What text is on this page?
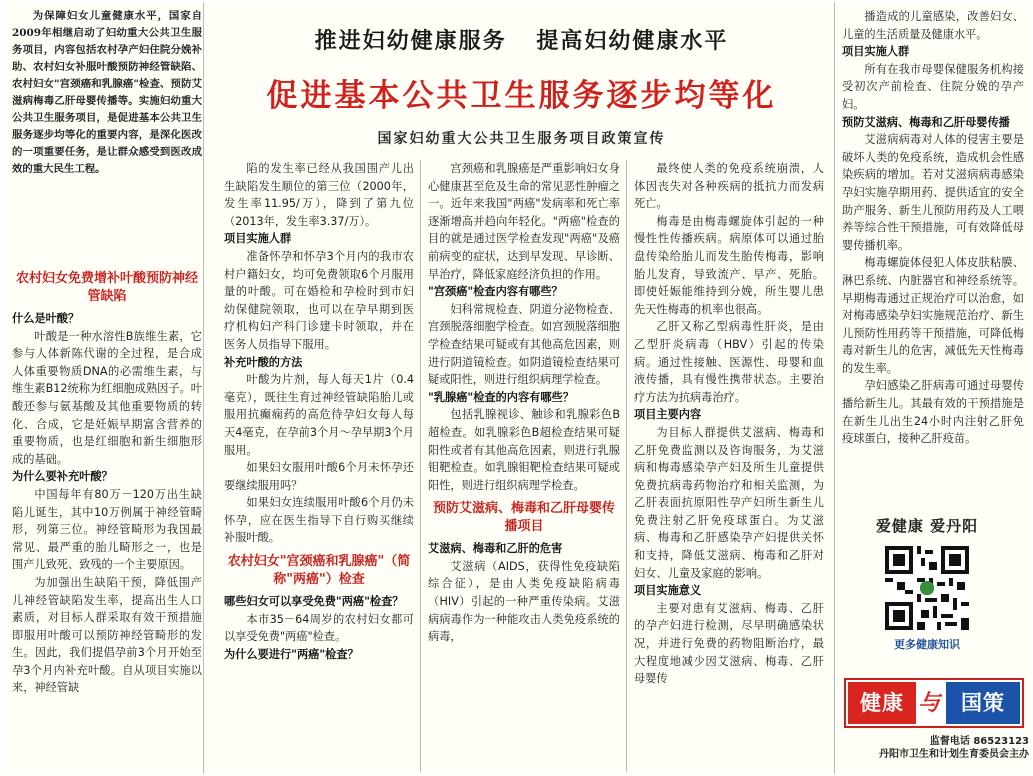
为保障妇女儿童健康水平，国家自2009年相继启动了妇幼重大公共卫生服务项目，内容包括农村孕产妇住院分娩补助、农村妇女补服叶酸预防神经管缺陷、农村妇女"宫颈癌和乳腺癌"检查、预防艾滋病梅毒乙肝母婴传播等。实施妇幼重大公共卫生服务项目，是促进基本公共卫生服务逐步均等化的重要内容，是深化医改的一项重要任务，是让群众感受到医改成效的重大民生工程。

农村妇女免费增补叶酸预防神经管缺陷

什么是叶酸？

叶酸是一种水溶性B族维生素，它参与人体新陈代谢的全过程，是合成人体重要物质DNA的必需维生素，与维生素B12统称为红细胞成熟因子。叶酸还参与氨基酸及其他重要物质的转化、合成，它是妊娠早期富含营养的重要物质，也是红细胞和新生细胞形成的基础。

为什么要补充叶酸？

中国每年有80万－120万出生缺陷儿诞生，其中10万例属于神经管畸形，列第三位。神经管畸形为我国最常见、最严重的胎儿畸形之一，也是围产儿致死、致残的一个主要原因。

为加强出生缺陷干预，降低围产儿神经管缺陷发生率，提高出生人口素质，对目标人群采取有效干预措施即服用叶酸可以预防神经管畸形的发生。因此，我们提倡孕前3个月开始至孕3个月内补充叶酸。自从项目实施以来，神经管缺

推进妇幼健康服务 提高妇幼健康水平
促进基本公共卫生服务逐步均等化
国家妇幼重大公共卫生服务项目政策宣传

陷的发生率已经从我国围产儿出生缺陷发生顺位的第三位（2000年，发生率11.95/万），降到了第九位（2013年，发生率3.37/万）。

项目实施人群

准备怀孕和怀孕3个月内的我市农村户籍妇女，均可免费领取6个月服用量的叶酸。可在婚检和孕检时到市妇幼保健院领取，也可以在孕早期到医疗机构妇产科门诊建卡时领取，并在医务人员指导下服用。

补充叶酸的方法

叶酸为片剂，每人每天1片（0.4毫克），既往生育过神经管缺陷胎儿或服用抗癫痫药的高危待孕妇女每人每天4毫克，在孕前3个月～孕早期3个月服用。

如果妇女服用叶酸6个月未怀孕还要继续服用吗？

如果妇女连续服用叶酸6个月仍未怀孕，应在医生指导下自行购买继续补服叶酸。

农村妇女"宫颈癌和乳腺癌"（简称"两癌"）检查

哪些妇女可以享受免费"两癌"检查？

本市35－64周岁的农村妇女都可以享受免费"两癌"检查。

为什么要进行"两癌"检查？

宫颈癌和乳腺癌是严重影响妇女身心健康甚至危及生命的常见恶性肿瘤之一。近年来我国"两癌"发病率和死亡率逐渐增高并趋向年轻化。"两癌"检查的目的就是通过医学检查发现"两癌"及癌前病变的症状，达到早发现、早诊断、早治疗，降低家庭经济负担的作用。

"宫颈癌"检查内容有哪些？

妇科常规检查、阴道分泌物检查、宫颈脱落细胞学检查。如宫颈脱落细胞学检查结果可疑或有其他高危因素，则进行阴道镜检查。如阴道镜检查结果可疑或阳性，则进行组织病理学检查。

"乳腺癌"检查的内容有哪些？

包括乳腺视诊、触诊和乳腺彩色B超检查。如乳腺彩色B超检查结果可疑阳性或者有其他高危因素，则进行乳腺钼靶检查。如乳腺钼靶检查结果可疑或阳性，则进行组织病理学检查。

预防艾滋病、梅毒和乙肝母婴传播项目

艾滋病、梅毒和乙肝的危害

艾滋病（AIDS，获得性免疫缺陷综合征），是由人类免疫缺陷病毒（HIV）引起的一种严重传染病。艾滋病病毒作为一种能攻击人类免疫系统的病毒，

最终使人类的免疫系统崩溃，人体因丧失对各种疾病的抵抗力而发病死亡。

梅毒是由梅毒螺旋体引起的一种慢性性传播疾病。病原体可以通过胎盘传染给胎儿而发生胎传梅毒，影响胎儿发育，导致流产、早产、死胎。即使妊娠能维持到分娩，所生婴儿患先天性梅毒的机率也很高。

乙肝又称乙型病毒性肝炎，是由乙型肝炎病毒（HBV）引起的传染病。通过性接触、医源性、母婴和血液传播，具有慢性携带状态。主要治疗方法为抗病毒治疗。

项目主要内容

为目标人群提供艾滋病、梅毒和乙肝免费监测以及咨询服务，为艾滋病和梅毒感染孕产妇及所生儿童提供免费抗病毒药物治疗和相关监测，为乙肝表面抗原阳性孕产妇所生新生儿免费注射乙肝免疫球蛋白。为艾滋病、梅毒和乙肝感染孕产妇提供关怀和支持，降低艾滋病、梅毒和乙肝对妇女、儿童及家庭的影响。

项目实施意义

主要对患有艾滋病、梅毒、乙肝的孕产妇进行检测，尽早明确感染状况，并进行免费的药物阻断治疗，最大程度地减少因艾滋病、梅毒、乙肝母婴传

播造成的儿童感染，改善妇女、儿童的生活质量及健康水平。

项目实施人群

所有在我市母婴保健服务机构接受初次产前检查、住院分娩的孕产妇。

预防艾滋病、梅毒和乙肝母婴传播

艾滋病病毒对人体的侵害主要是破坏人类的免疫系统，造成机会性感染疾病的增加。若对艾滋病病毒感染孕妇实施孕期用药、提供适宜的安全助产服务、新生儿预防用药及人工喂养等综合性干预措施，可有效降低母婴传播机率。

梅毒螺旋体侵犯人体皮肤粘膜、淋巴系统、内脏器官和神经系统等。早期梅毒通过正规治疗可以治愈，如对梅毒感染孕妇实施规范治疗、新生儿预防性用药等干预措施，可降低梅毒对新生儿的危害，减低先天性梅毒的发生率。

孕妇感染乙肝病毒可通过母婴传播给新生儿。其最有效的干预措施是在新生儿出生24小时内注射乙肝免疫球蛋白，接种乙肝疫苗。

爱健康 爱丹阳
更多健康知识
健康 与 国策
监督电话 86523123
丹阳市卫生和计划生育委员会主办
